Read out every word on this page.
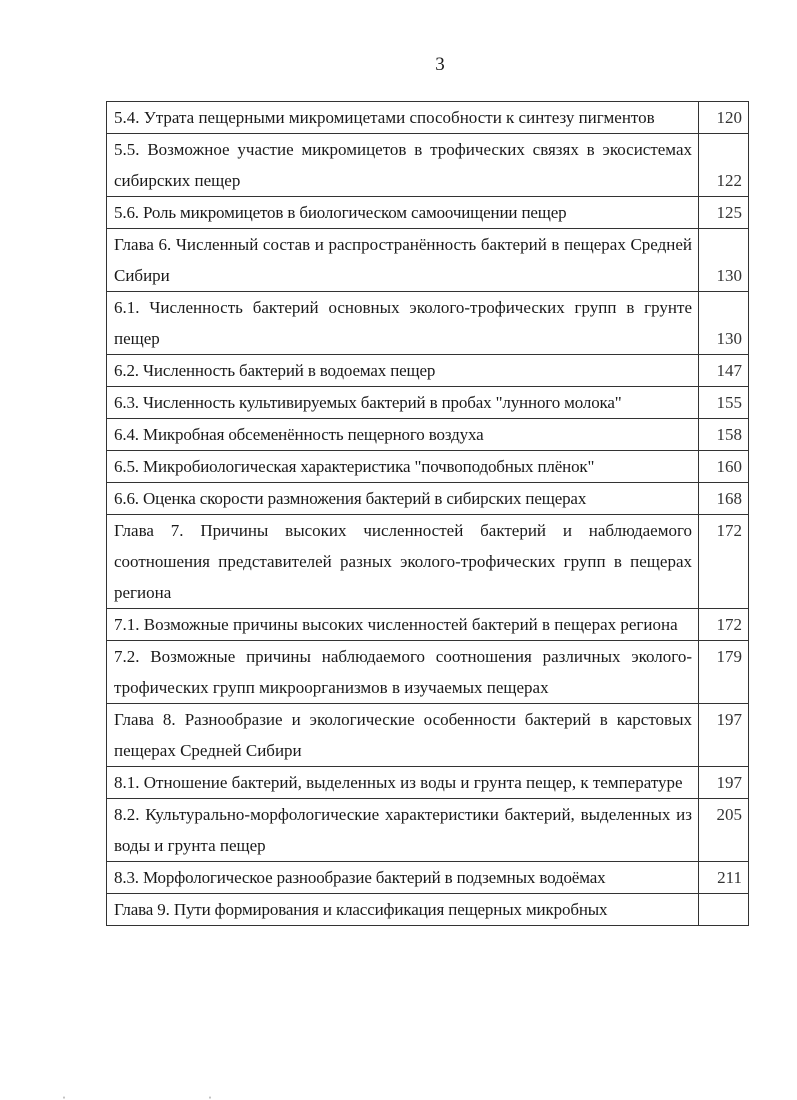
3
5.4. Утрата пещерными микромицетами способности к синтезу пигментов	120
5.5. Возможное участие микромицетов в трофических связях в экосистемах сибирских пещер	122
5.6. Роль микромицетов в биологическом самоочищении пещер	125
Глава 6. Численный состав и распространённость бактерий в пещерах Средней Сибири	130
6.1. Численность бактерий основных эколого-трофических групп в грунте пещер	130
6.2. Численность бактерий в водоемах пещер	147
6.3. Численность культивируемых бактерий в пробах "лунного молока"	155
6.4. Микробная обсеменённость пещерного воздуха	158
6.5. Микробиологическая характеристика "почвоподобных плёнок"	160
6.6. Оценка скорости размножения бактерий в сибирских пещерах	168
Глава 7. Причины высоких численностей бактерий и наблюдаемого соотношения представителей разных эколого-трофических групп в пещерах региона	172
7.1. Возможные причины высоких численностей бактерий в пещерах региона	172
7.2. Возможные причины наблюдаемого соотношения различных эколого-трофических групп микроорганизмов в изучаемых пещерах	179
Глава 8. Разнообразие и экологические особенности бактерий в карстовых пещерах Средней Сибири	197
8.1. Отношение бактерий, выделенных из воды и грунта пещер, к температуре	197
8.2. Культурально-морфологические характеристики бактерий, выделенных из воды и грунта пещер	205
8.3. Морфологическое разнообразие бактерий в подземных водоёмах	211
Глава 9. Пути формирования и классификация пещерных микробных	
ˌ	ˌ
